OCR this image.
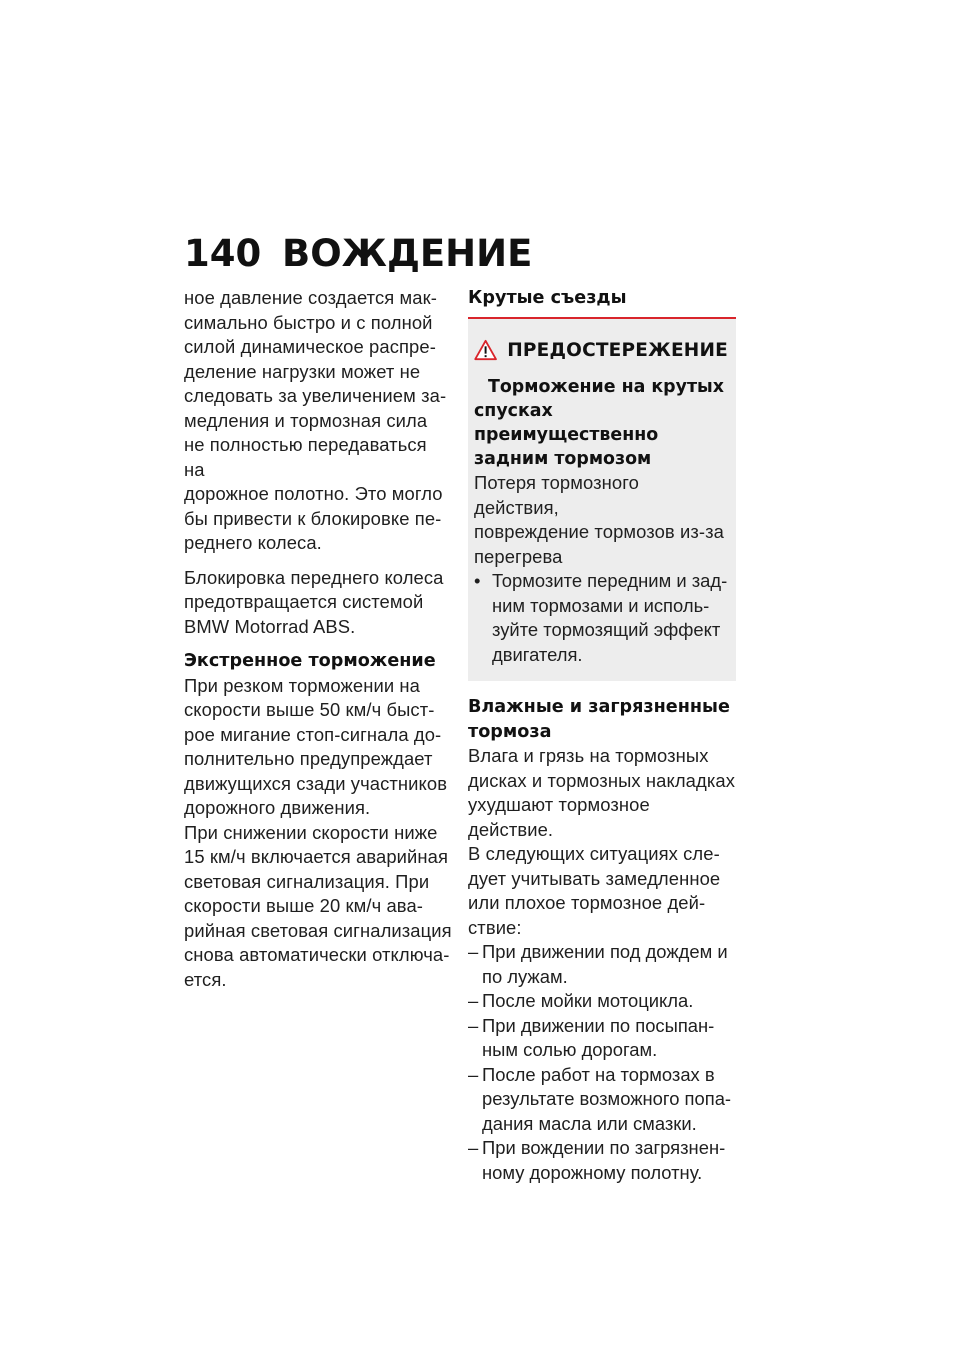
140 ВОЖДЕНИЕ

ное давление создается мак-

симально быстро и с полной

силой динамическое распре-

деление нагрузки может не

следовать за увеличением за-

медления и тормозная сила

не полностью передаваться на

дорожное полотно. Это могло

бы привести к блокировке пе-

реднего колеса.

Блокировка переднего колеса

предотвращается системой

BMW Motorrad ABS.

Экстренное торможение

При резком торможении на

скорости выше 50 км/ч быст-

рое мигание стоп-сигнала до-

полнительно предупреждает

движущихся сзади участников

дорожного движения.

При снижении скорости ниже

15 км/ч включается аварийная

световая сигнализация. При

скорости выше 20 км/ч ава-

рийная световая сигнализация

снова автоматически отключа-

ется.

Крутые съезды

ПРЕДОСТЕРЕЖЕНИЕ

Торможение на крутых

спусках преимущественно

задним тормозом

Потеря тормозного действия,

повреждение тормозов из-за

перегрева

• Тормозите передним и зад-
ним тормозами и исполь-
зуйте тормозящий эффект
двигателя.

Влажные и загрязненные

тормоза

Влага и грязь на тормозных

дисках и тормозных накладках

ухудшают тормозное действие.

В следующих ситуациях сле-

дует учитывать замедленное

или плохое тормозное дей-

ствие:

– При движении под дождем и
по лужам.
– После мойки мотоцикла.
– При движении по посыпан-
ным солью дорогам.
– После работ на тормозах в
результате возможного попа-
дания масла или смазки.
– При вождении по загрязнен-
ному дорожному полотну.
